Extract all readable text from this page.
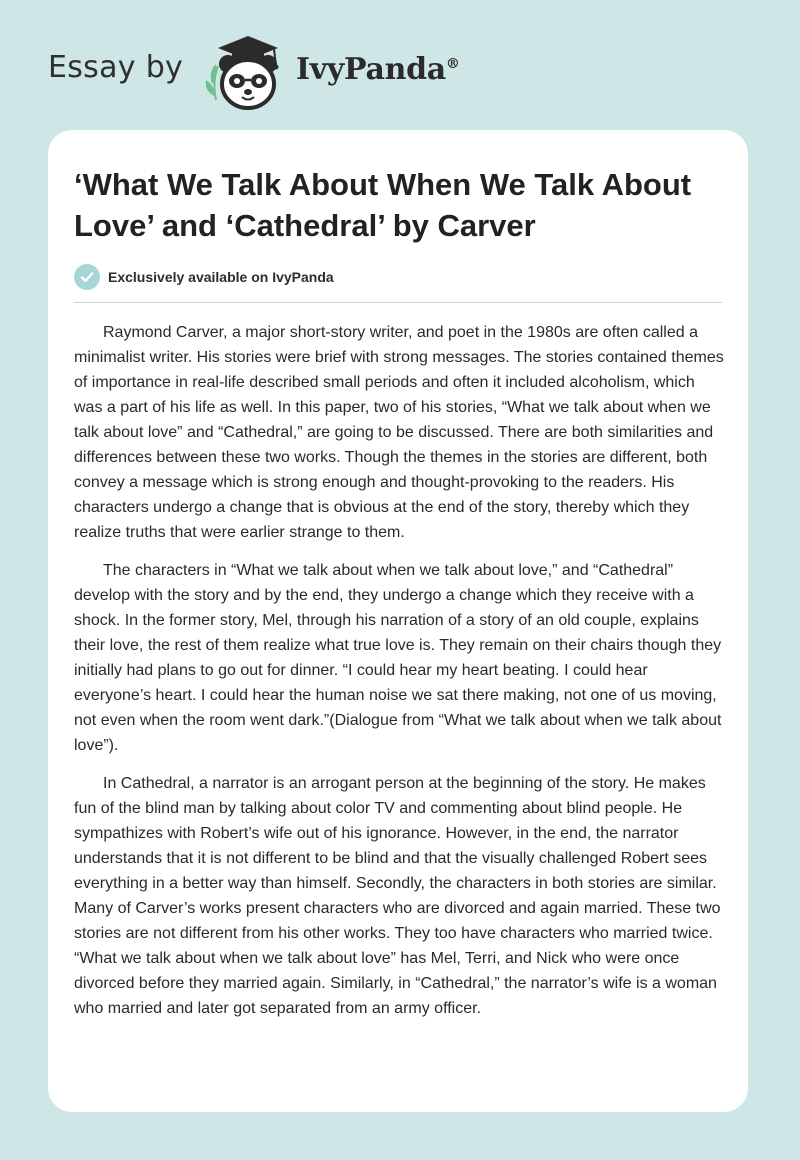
Essay by	IvyPanda®
‘What We Talk About When We Talk About Love’ and ‘Cathedral’ by Carver
Exclusively available on IvyPanda

Raymond Carver, a major short-story writer, and poet in the 1980s are often called a minimalist writer. His stories were brief with strong messages. The stories contained themes of importance in real-life described small periods and often it included alcoholism, which was a part of his life as well. In this paper, two of his stories, “What we talk about when we talk about love” and “Cathedral,” are going to be discussed. There are both similarities and differences between these two works. Though the themes in the stories are different, both convey a message which is strong enough and thought-provoking to the readers. His characters undergo a change that is obvious at the end of the story, thereby which they realize truths that were earlier strange to them.

The characters in “What we talk about when we talk about love,” and “Cathedral” develop with the story and by the end, they undergo a change which they receive with a shock. In the former story, Mel, through his narration of a story of an old couple, explains their love, the rest of them realize what true love is. They remain on their chairs though they initially had plans to go out for dinner. “I could hear my heart beating. I could hear everyone’s heart. I could hear the human noise we sat there making, not one of us moving, not even when the room went dark.”(Dialogue from “What we talk about when we talk about love”).

In Cathedral, a narrator is an arrogant person at the beginning of the story. He makes fun of the blind man by talking about color TV and commenting about blind people. He sympathizes with Robert’s wife out of his ignorance. However, in the end, the narrator understands that it is not different to be blind and that the visually challenged Robert sees everything in a better way than himself. Secondly, the characters in both stories are similar. Many of Carver’s works present characters who are divorced and again married. These two stories are not different from his other works. They too have characters who married twice. “What we talk about when we talk about love” has Mel, Terri, and Nick who were once divorced before they married again. Similarly, in “Cathedral,” the narrator’s wife is a woman who married and later got separated from an army officer.
